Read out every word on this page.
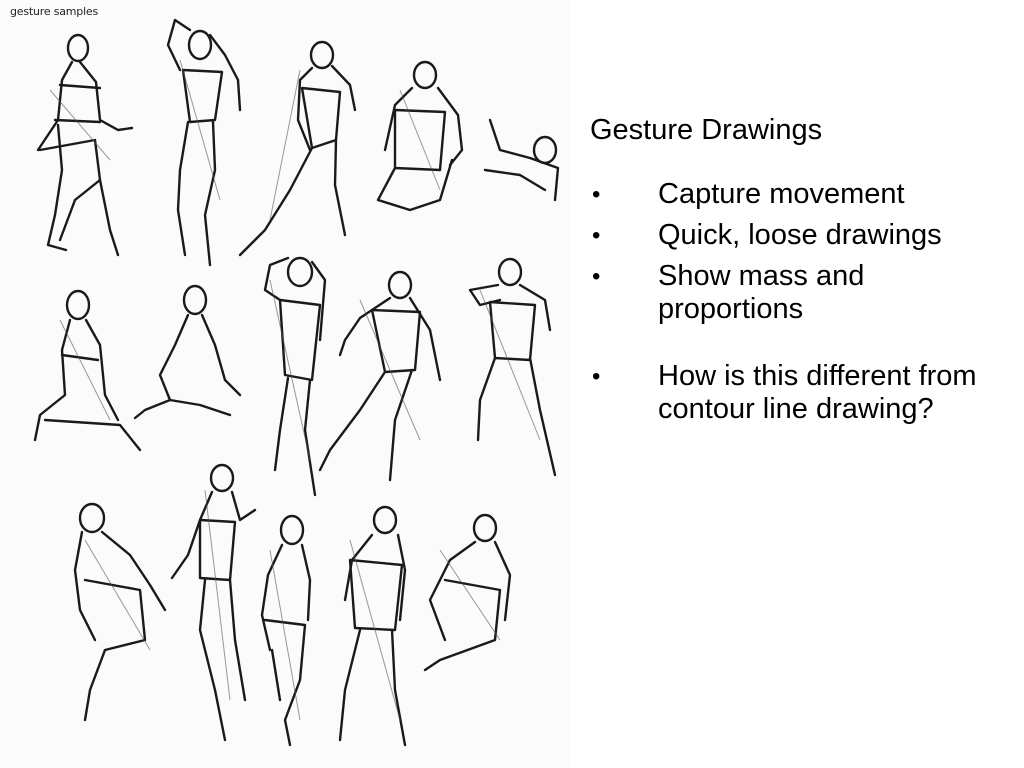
gesture samples
Gesture Drawings
• Capture movement
• Quick, loose drawings
• Show mass and proportions
• How is this different from contour line drawing?
